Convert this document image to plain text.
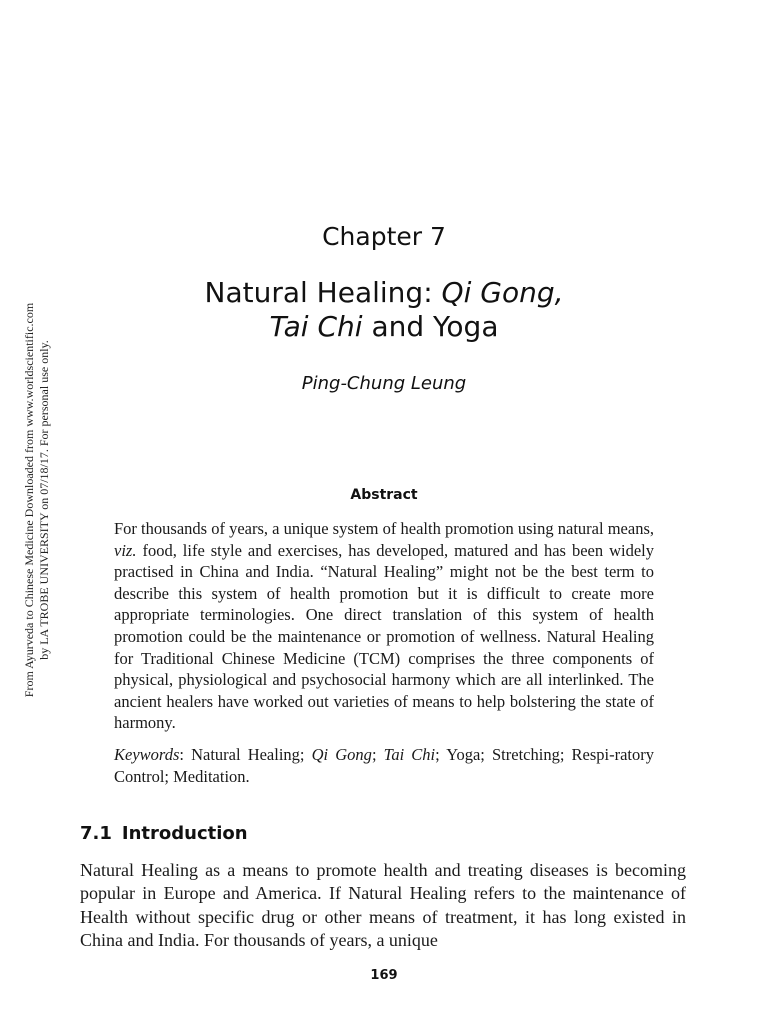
From Ayurveda to Chinese Medicine Downloaded from www.worldscientific.com by LA TROBE UNIVERSITY on 07/18/17. For personal use only.
Chapter 7
Natural Healing: Qi Gong,
Tai Chi and Yoga
Ping-Chung Leung
Abstract

For thousands of years, a unique system of health promotion using natural means, viz. food, life style and exercises, has developed, matured and has been widely practised in China and India. “Natural Healing” might not be the best term to describe this system of health promotion but it is difficult to create more appropriate terminologies. One direct translation of this system of health promotion could be the maintenance or promotion of wellness. Natural Healing for Traditional Chinese Medicine (TCM) comprises the three components of physical, physiological and psychosocial harmony which are all interlinked. The ancient healers have worked out varieties of means to help bolstering the state of harmony.

Keywords: Natural Healing; Qi Gong; Tai Chi; Yoga; Stretching; Respi-ratory Control; Meditation.

7.1 Introduction

Natural Healing as a means to promote health and treating diseases is becoming popular in Europe and America. If Natural Healing refers to the maintenance of Health without specific drug or other means of treatment, it has long existed in China and India. For thousands of years, a unique

169
